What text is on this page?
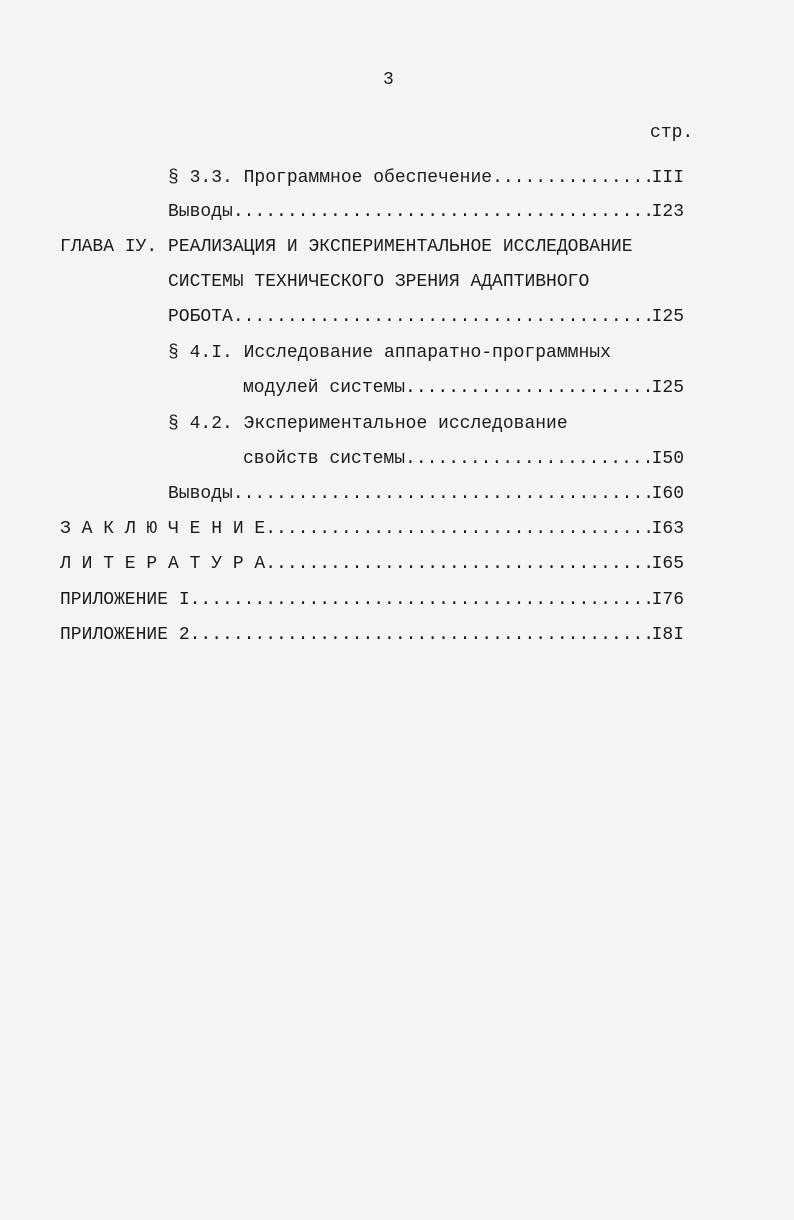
3
стр.
§ 3.3. Программное обеспечение .....	III
Выводы .....	I23
ГЛАВА IУ. РЕАЛИЗАЦИЯ И ЭКСПЕРИМЕНТАЛЬНОЕ ИССЛЕДОВАНИЕ
СИСТЕМЫ ТЕХНИЧЕСКОГО ЗРЕНИЯ АДАПТИВНОГО
РОБОТА .....	I25
§ 4.I. Исследование аппаратно-программных
модулей системы .....	I25
§ 4.2. Экспериментальное исследование
свойств системы .....	I50
Выводы .....	I60
З А К Л Ю Ч Е Н И Е .....	I63
Л И Т Е Р А Т У Р А .....	I65
ПРИЛОЖЕНИЕ I .....	I76
ПРИЛОЖЕНИЕ 2 .....	I8I
